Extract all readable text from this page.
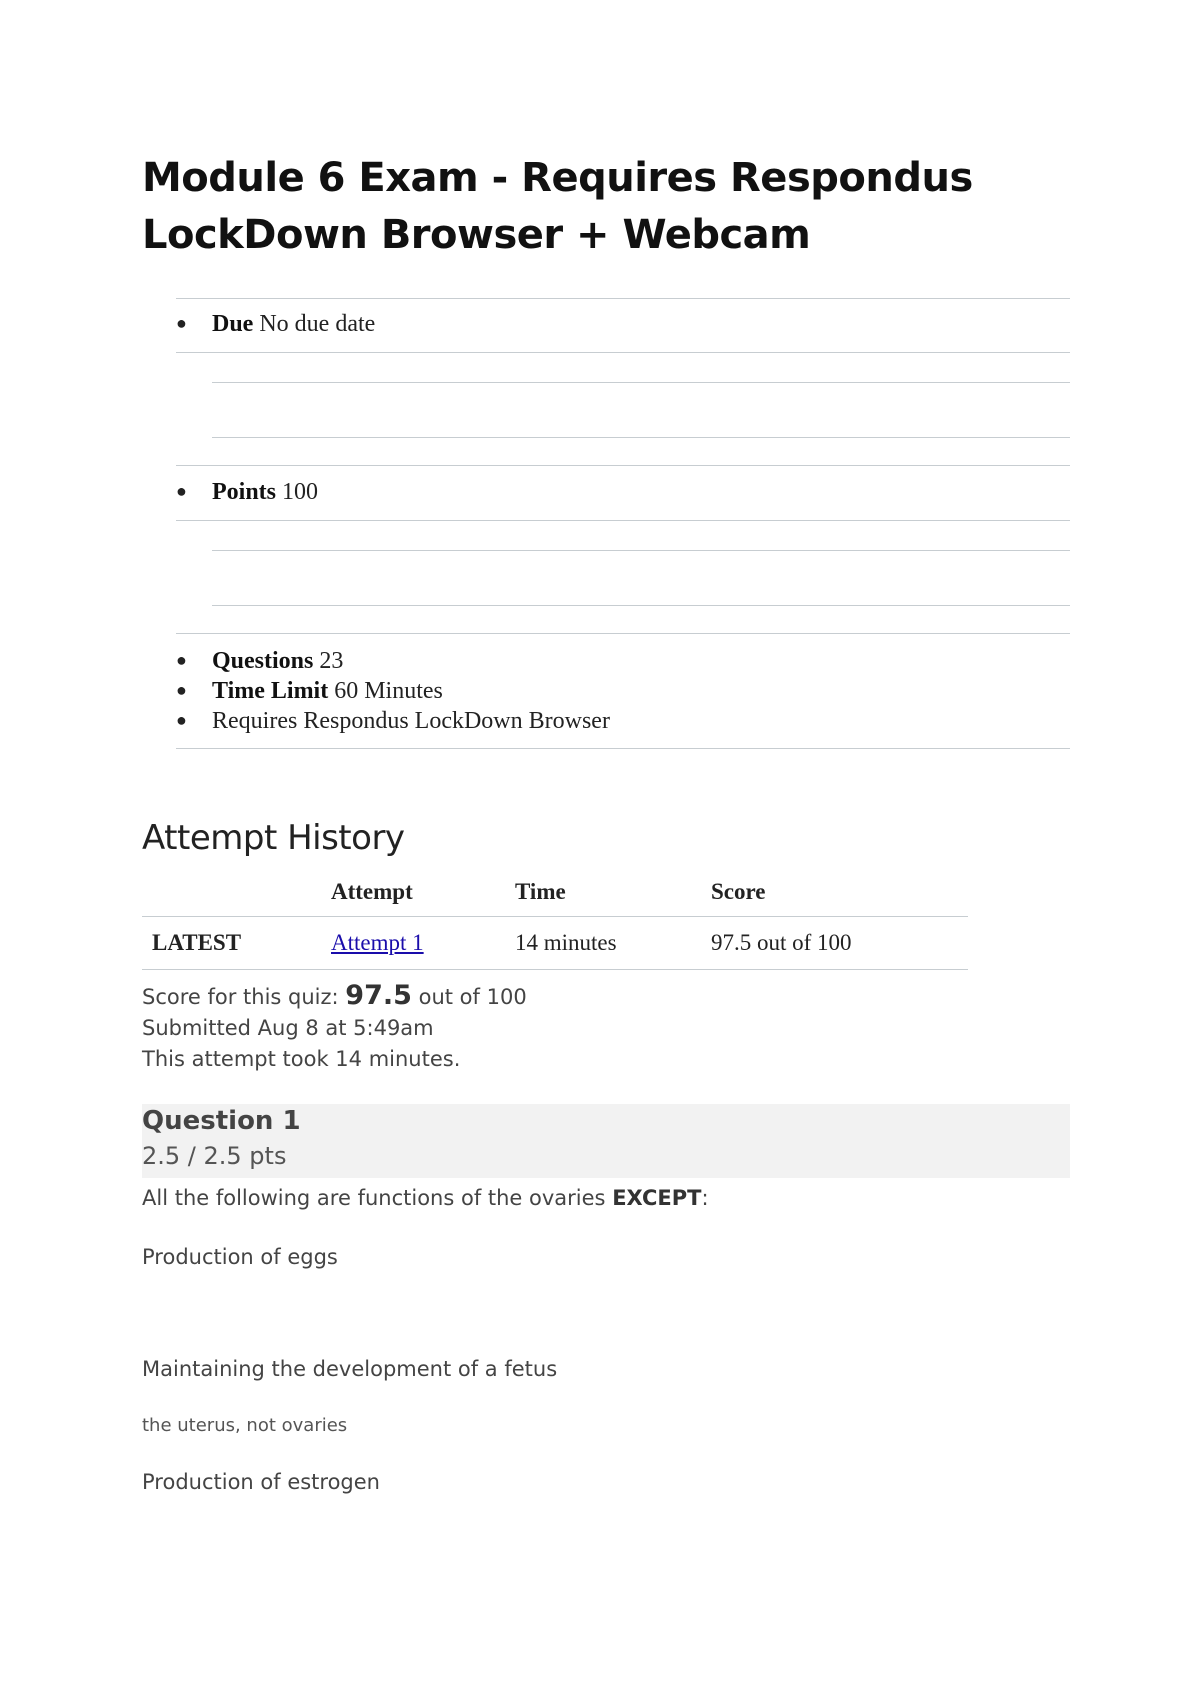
Module 6 Exam - Requires Respondus LockDown Browser + Webcam
● Due No due date
● Points 100
● Questions 23
● Time Limit 60 Minutes
● Requires Respondus LockDown Browser
Attempt History
	Attempt	Time	Score
LATEST	Attempt 1	14 minutes	97.5 out of 100
Score for this quiz: 97.5 out of 100
Submitted Aug 8 at 5:49am
This attempt took 14 minutes.
Question 1
2.5 / 2.5 pts
All the following are functions of the ovaries EXCEPT:
Production of eggs
Maintaining the development of a fetus
the uterus, not ovaries
Production of estrogen
